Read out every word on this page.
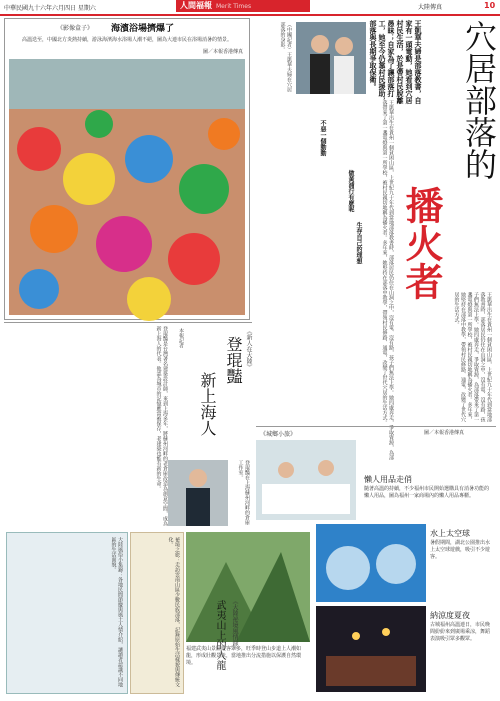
中華民國九十六年六月四日 星期六	人間福報 Merit Times	大陸傳真	10
《影像盒子》 海濱浴場擠爆了
高溫迭至，中國北方炎熱持續，游泳海濱海水浴場人潮不絕，圖為大連市民在浴場消暑的情景。
圖／本報香港傳真	（中國記者）王凱華夫婦在穴居部落的身影。	王凱華夫婦是部落教書，自家有一頭電動，她看到穴居村民生活，於是帶村民脫離愚昧；自家為了讓部落打工，她至今仍靠村民援助，部落與長期爭取保衛。	穴居部落的
播火者
王凱華出生在貴州一個貧困山區，上世紀九十年代到當地部落教書時，部落居民仍住在山洞之中，沒有電、沒有路，孩子們無法上學。她四處奔走，爭取資源，為部落帶來了第一盞電燈與第一所學校，被村民親切地稱為播火者。多年來，她堅持在部落中教學，帶領村民修路、通電，改變了世代穴居的生活方式。	王凱華出生在貴州一個貧困山區，上世紀九十年代到當地部落教書時，部落居民仍住在山洞之中，沒有電、沒有路，孩子們無法上學。她四處奔走，爭取資源，為部落帶來了第一盞電燈與第一所學校，被村民親切地稱為播火者。多年來，她堅持在部落中教學，帶領村民修路、通電，改變了世代穴居的生活方式。
不惡一個動動
做黃浦行有麽呢
生存自己的理想
登琨豔是台灣著名建築設計師，來到上海多年，將蘇州河畔的老倉庫改造為創意空間，成為新上海人的代表。他認為城市的記憶應當被保存，老建築也能有新的生命。	《新人在大陸》
登琨豔
新上海人
本報記者
登琨豔在上海蘇州河畔的倉庫工作室。
《城鄉小旅》	圖／本報香港傳真
懶人用品走俏
隨著高溫的持續，不少福州市民開始選購具有消暑功能的懶人用品，圖為福州一家商場內的懶人用品專櫃。
水上太空球
暑假期間，湖北公園推出水上太空球遊戲，吸引不少遊客。
納涼度夏夜
古城福州高溫連日，市民晚間紛紛來到廣場乘涼，舞蹈表演吸引眾多觀眾。
大陸風俗小集錦：各地民間節慶與風土人情介紹，讓讀者認識不同地區的生活面貌。	祕境之旅：走訪雲南山區少數民族部落，記錄原始生活樣貌與傳統文化。
《大陸祕境風情錄》
武夷山上的人龍
福建武夷山景區遊客眾多，旺季時登山步道上人潮如龍，形成壯觀景象，當地推出分流措施以保護自然環境。
